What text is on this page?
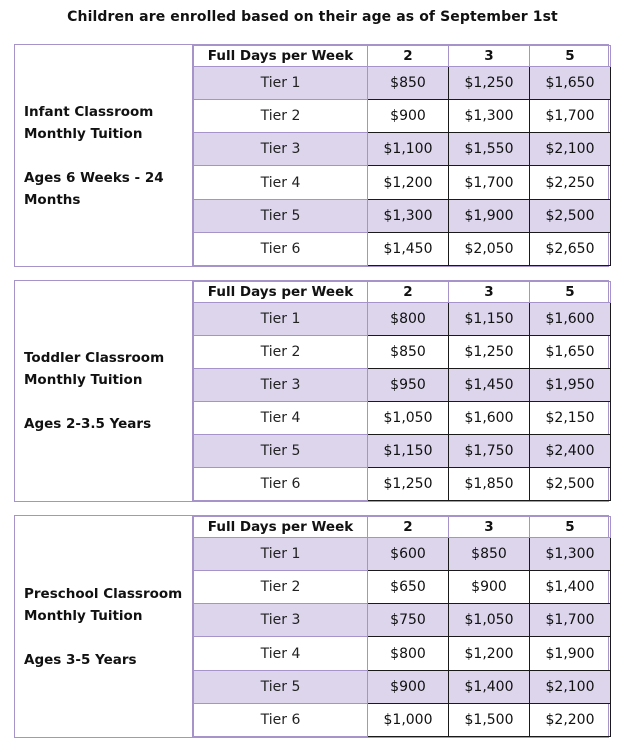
Children are enrolled based on their age as of September 1st
Infant Classroom
Monthly Tuition
Ages 6 Weeks - 24
Months
Full Days per Week	2	3	5
Tier 1	$850	$1,250	$1,650
Tier 2	$900	$1,300	$1,700
Tier 3	$1,100	$1,550	$2,100
Tier 4	$1,200	$1,700	$2,250
Tier 5	$1,300	$1,900	$2,500
Tier 6	$1,450	$2,050	$2,650
Toddler Classroom
Monthly Tuition
Ages 2-3.5 Years
Full Days per Week	2	3	5
Tier 1	$800	$1,150	$1,600
Tier 2	$850	$1,250	$1,650
Tier 3	$950	$1,450	$1,950
Tier 4	$1,050	$1,600	$2,150
Tier 5	$1,150	$1,750	$2,400
Tier 6	$1,250	$1,850	$2,500
Preschool Classroom
Monthly Tuition
Ages 3-5 Years
Full Days per Week	2	3	5
Tier 1	$600	$850	$1,300
Tier 2	$650	$900	$1,400
Tier 3	$750	$1,050	$1,700
Tier 4	$800	$1,200	$1,900
Tier 5	$900	$1,400	$2,100
Tier 6	$1,000	$1,500	$2,200
